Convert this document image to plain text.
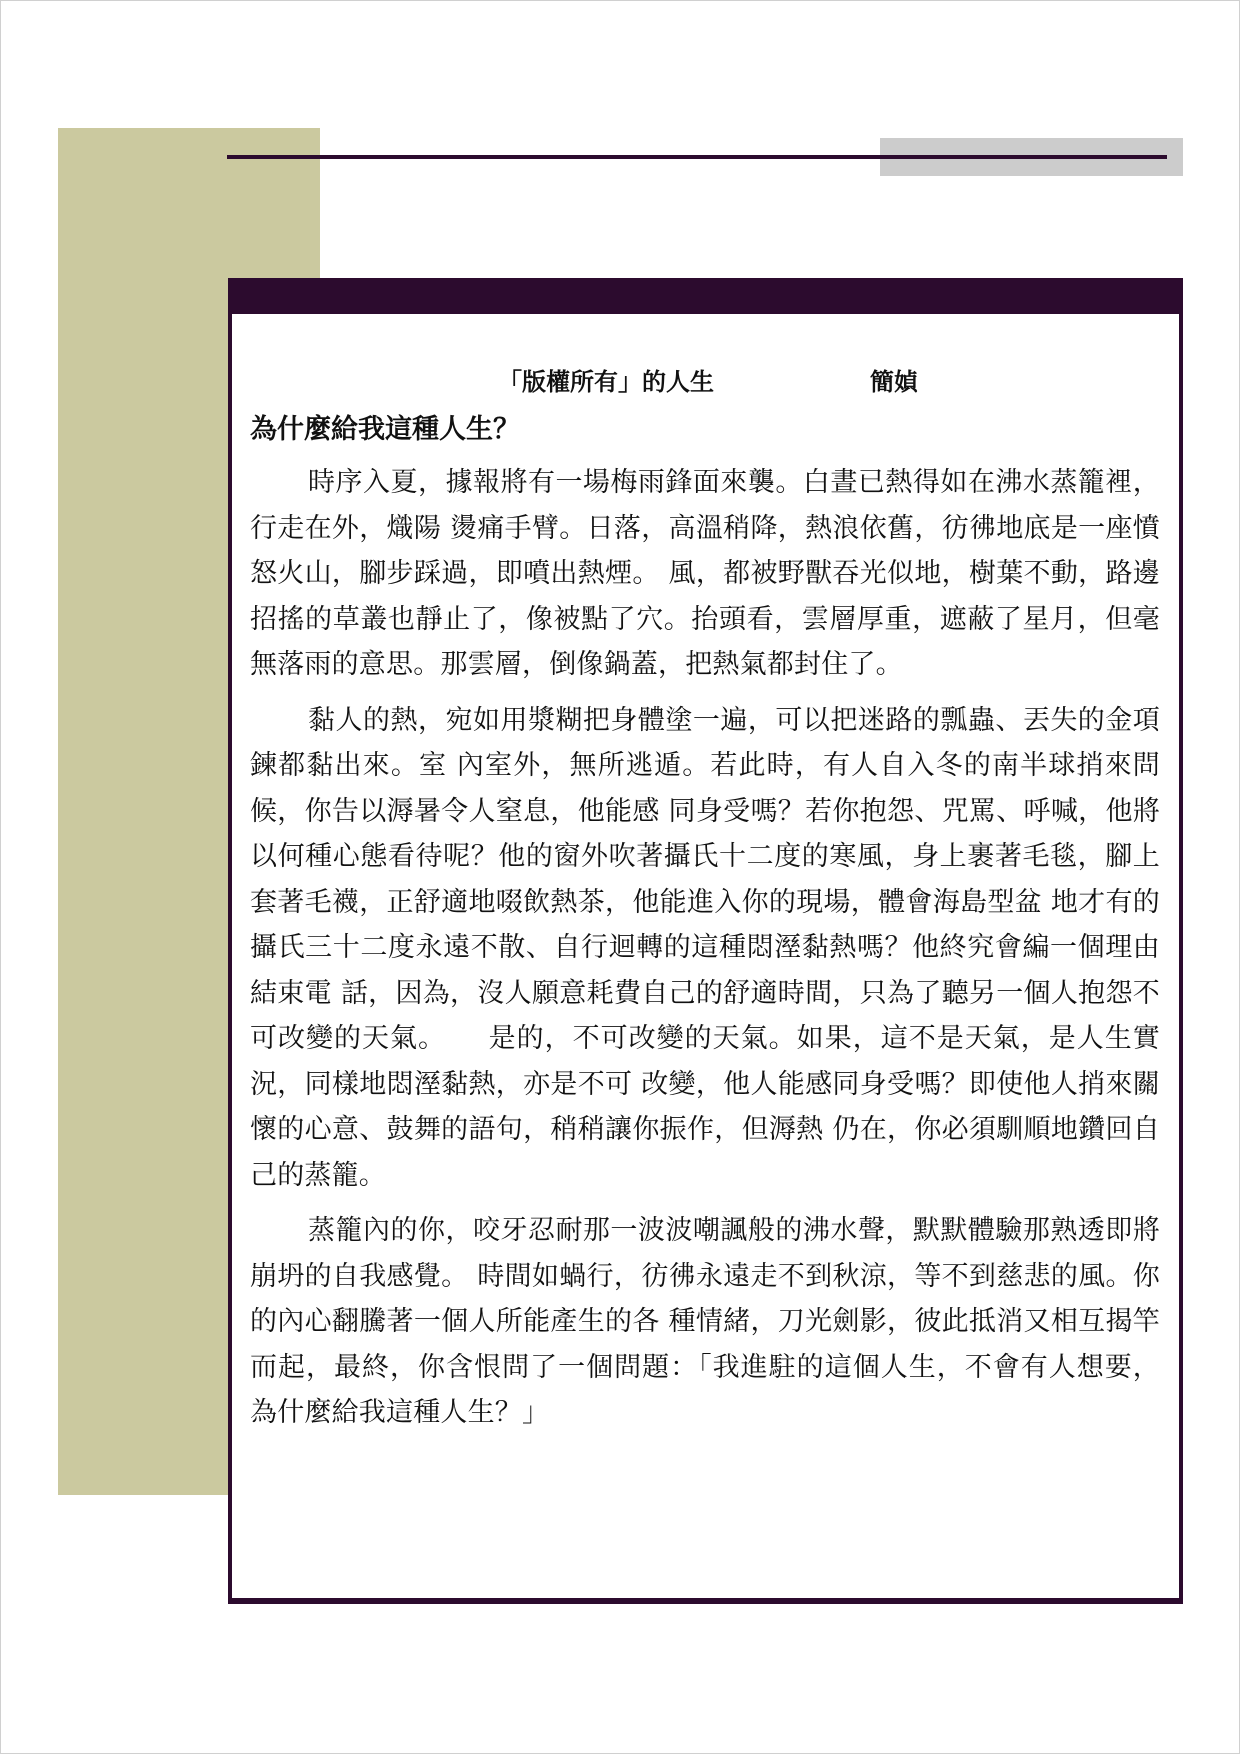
「版權所有」的人生	簡媜
為什麼給我這種人生？

時序入夏，據報將有一場梅雨鋒面來襲。白晝已熱得如在沸水蒸籠裡，行走在外，熾陽 燙痛手臂。日落，高溫稍降，熱浪依舊，彷彿地底是一座憤怒火山，腳步踩過，即噴出熱煙。 風，都被野獸吞光似地，樹葉不動，路邊招搖的草叢也靜止了，像被點了穴。抬頭看，雲層厚重，遮蔽了星月，但毫無落雨的意思。那雲層，倒像鍋蓋，把熱氣都封住了。

黏人的熱，宛如用漿糊把身體塗一遍，可以把迷路的瓢蟲、丟失的金項鍊都黏出來。室 內室外，無所逃遁。若此時，有人自入冬的南半球捎來問候，你告以溽暑令人窒息，他能感 同身受嗎？若你抱怨、咒罵、呼喊，他將以何種心態看待呢？他的窗外吹著攝氏十二度的寒風，身上裹著毛毯，腳上套著毛襪，正舒適地啜飲熱茶，他能進入你的現場，體會海島型盆 地才有的攝氏三十二度永遠不散、自行迴轉的這種悶溼黏熱嗎？他終究會編一個理由結束電 話，因為，沒人願意耗費自己的舒適時間，只為了聽另一個人抱怨不可改變的天氣。　　是的，不可改變的天氣。如果，這不是天氣，是人生實況，同樣地悶溼黏熱，亦是不可 改變，他人能感同身受嗎？即使他人捎來關懷的心意、鼓舞的語句，稍稍讓你振作，但溽熱 仍在，你必須馴順地鑽回自己的蒸籠。

蒸籠內的你，咬牙忍耐那一波波嘲諷般的沸水聲，默默體驗那熟透即將崩坍的自我感覺。 時間如蝸行，彷彿永遠走不到秋涼，等不到慈悲的風。你的內心翻騰著一個人所能產生的各 種情緒，刀光劍影，彼此抵消又相互揭竿而起，最終，你含恨問了一個問題：「我進駐的這個人生，不會有人想要，為什麼給我這種人生？」
